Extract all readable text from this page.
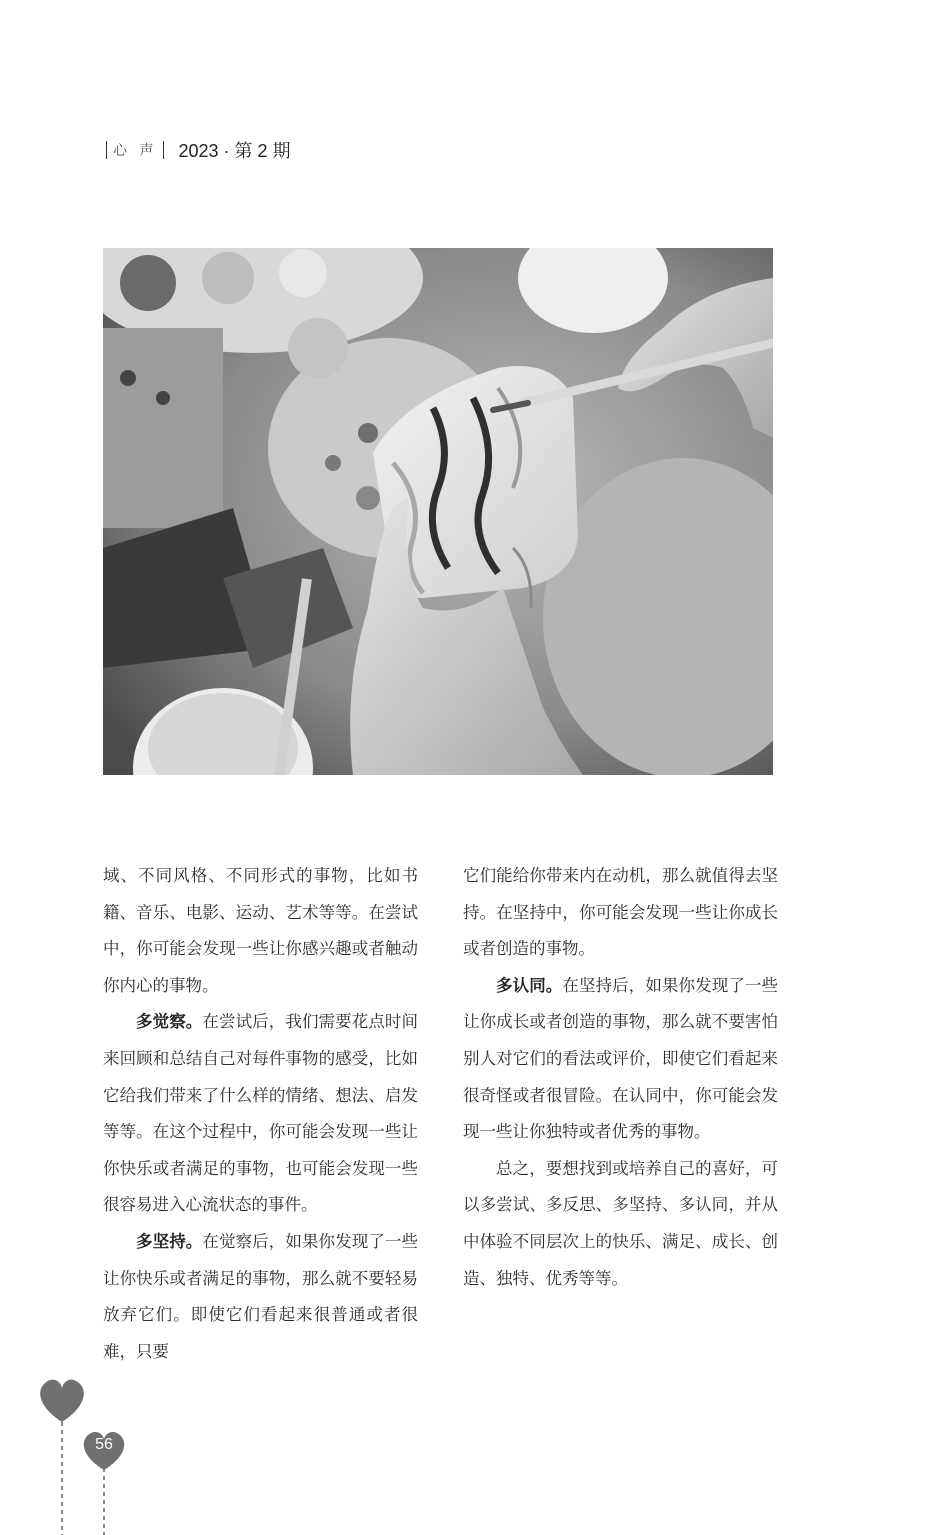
心 声 2023 · 第 2 期

域、不同风格、不同形式的事物，比如书籍、音乐、电影、运动、艺术等等。在尝试中，你可能会发现一些让你感兴趣或者触动你内心的事物。

多觉察。在尝试后，我们需要花点时间来回顾和总结自己对每件事物的感受，比如它给我们带来了什么样的情绪、想法、启发等等。在这个过程中，你可能会发现一些让你快乐或者满足的事物，也可能会发现一些很容易进入心流状态的事件。

多坚持。在觉察后，如果你发现了一些让你快乐或者满足的事物，那么就不要轻易放弃它们。即使它们看起来很普通或者很难，只要

它们能给你带来内在动机，那么就值得去坚持。在坚持中，你可能会发现一些让你成长或者创造的事物。

多认同。在坚持后，如果你发现了一些让你成长或者创造的事物，那么就不要害怕别人对它们的看法或评价，即使它们看起来很奇怪或者很冒险。在认同中，你可能会发现一些让你独特或者优秀的事物。

总之，要想找到或培养自己的喜好，可以多尝试、多反思、多坚持、多认同，并从中体验不同层次上的快乐、满足、成长、创造、独特、优秀等等。

56
